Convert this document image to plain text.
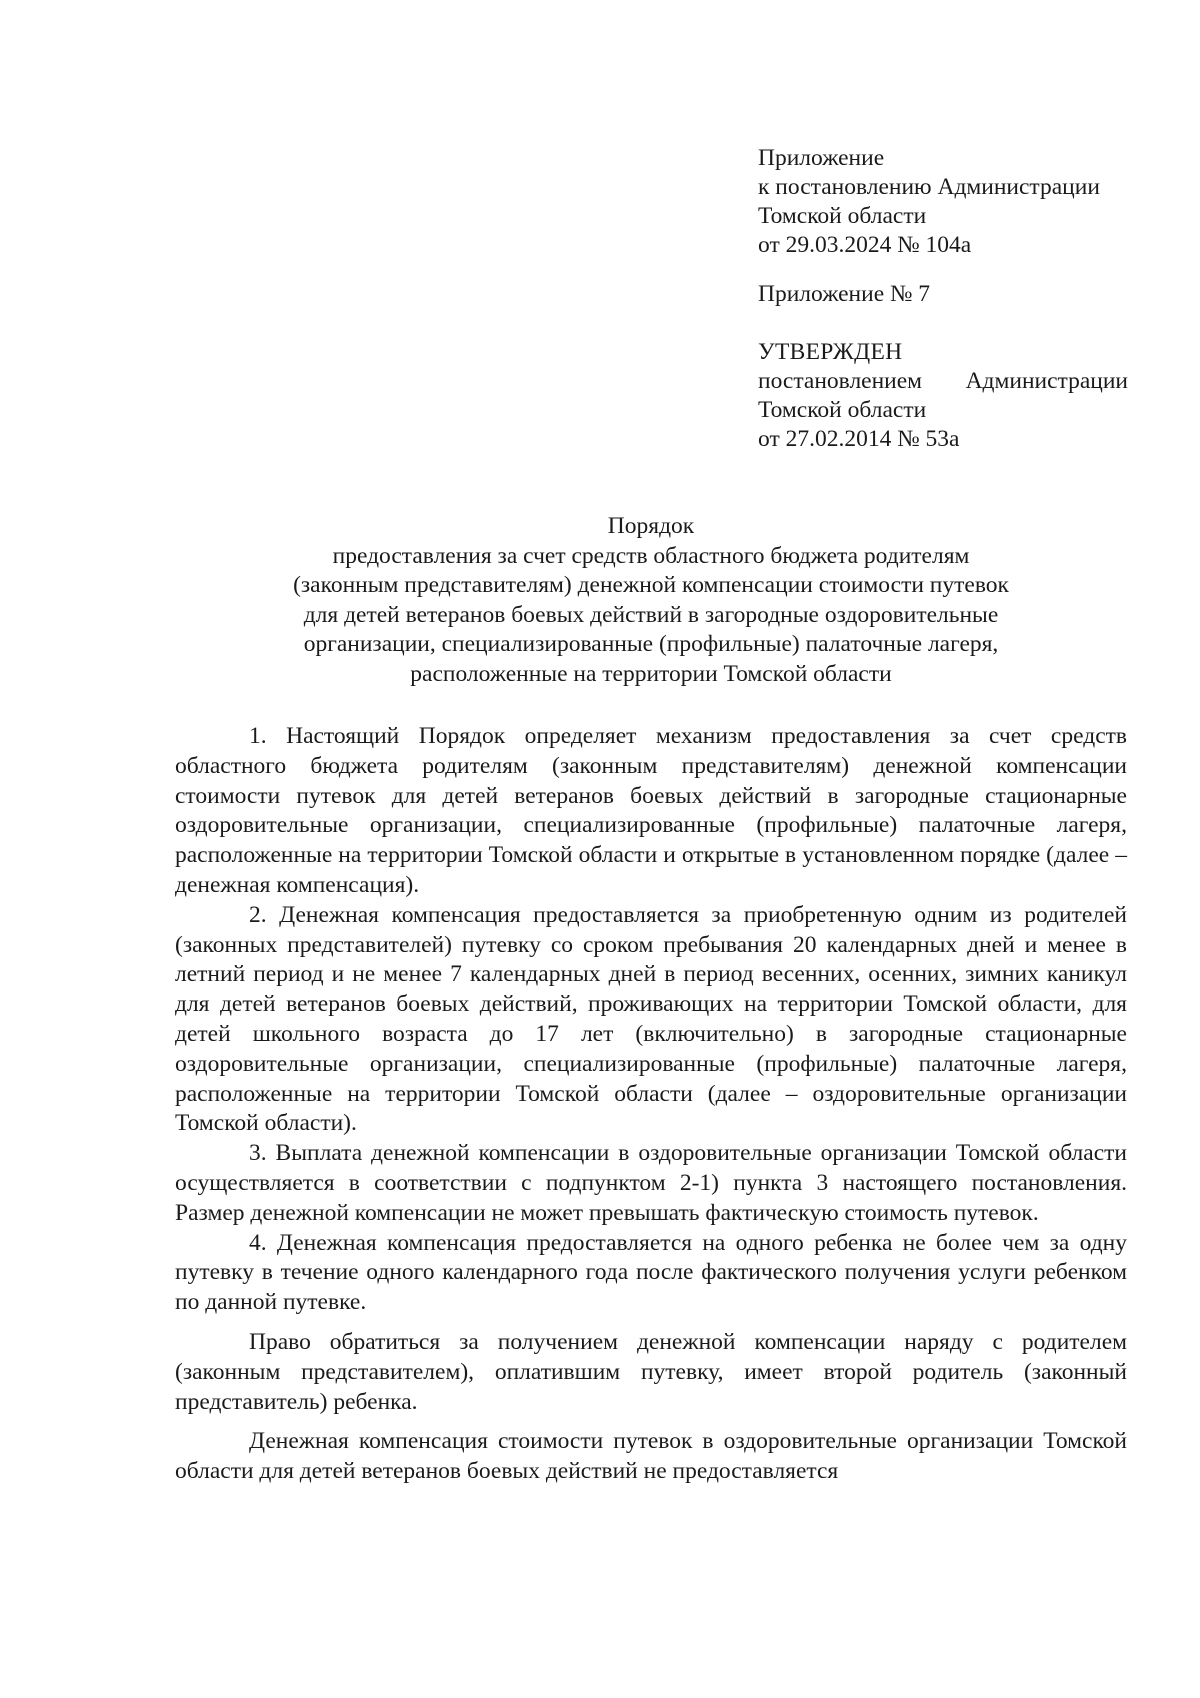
Приложение
к постановлению Администрации
Томской области
от 29.03.2024 № 104а
Приложение № 7
УТВЕРЖДЕН
постановлением Администрации
Томской области
от 27.02.2014 № 53а
Порядок
предоставления за счет средств областного бюджета родителям
(законным представителям) денежной компенсации стоимости путевок
для детей ветеранов боевых действий в загородные оздоровительные
организации, специализированные (профильные) палаточные лагеря,
расположенные на территории Томской области

1. Настоящий Порядок определяет механизм предоставления за счет средств областного бюджета родителям (законным представителям) денежной компенсации стоимости путевок для детей ветеранов боевых действий в загородные стационарные оздоровительные организации, специализированные (профильные) палаточные лагеря, расположенные на территории Томской области и открытые в установленном порядке (далее – денежная компенсация).

2. Денежная компенсация предоставляется за приобретенную одним из родителей (законных представителей) путевку со сроком пребывания 20 календарных дней и менее в летний период и не менее 7 календарных дней в период весенних, осенних, зимних каникул для детей ветеранов боевых действий, проживающих на территории Томской области, для детей школьного возраста до 17 лет (включительно) в загородные стационарные оздоровительные организации, специализированные (профильные) палаточные лагеря, расположенные на территории Томской области (далее – оздоровительные организации Томской области).

3. Выплата денежной компенсации в оздоровительные организации Томской области осуществляется в соответствии с подпунктом 2-1) пункта 3 настоящего постановления. Размер денежной компенсации не может превышать фактическую стоимость путевок.

4. Денежная компенсация предоставляется на одного ребенка не более чем за одну путевку в течение одного календарного года после фактического получения услуги ребенком по данной путевке.

Право обратиться за получением денежной компенсации наряду с родителем (законным представителем), оплатившим путевку, имеет второй родитель (законный представитель) ребенка.

Денежная компенсация стоимости путевок в оздоровительные организации Томской области для детей ветеранов боевых действий не предоставляется
